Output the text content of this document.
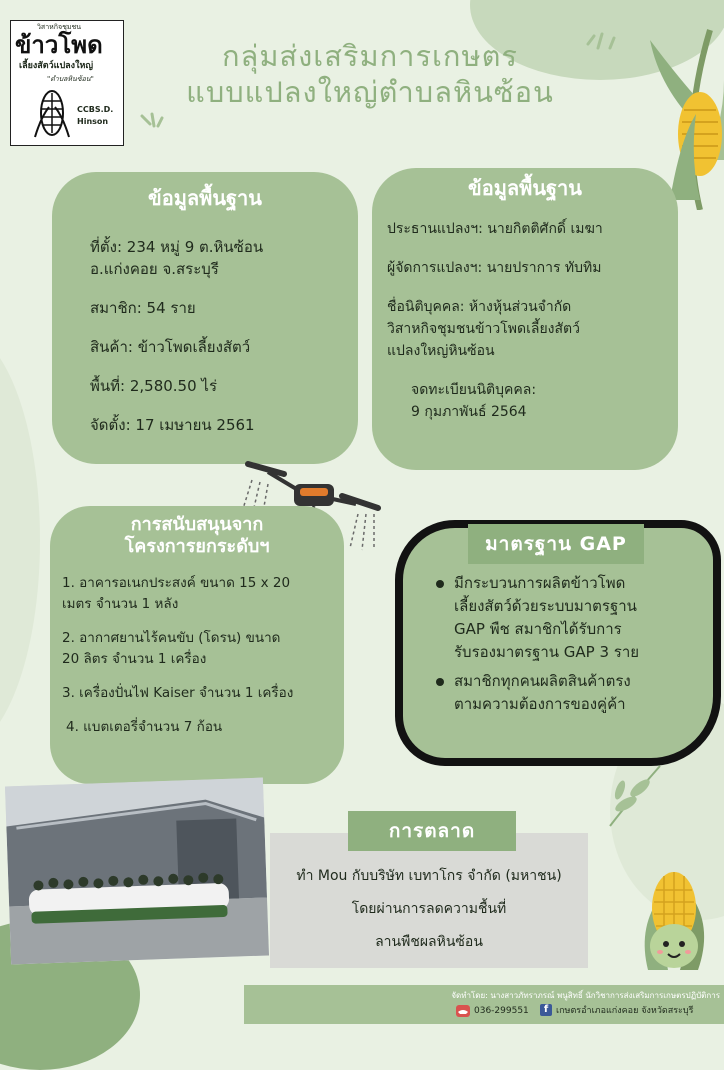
วิสาหกิจชุมชน
ข้าวโพด
เลี้ยงสัตว์แปลงใหญ่
"ตำบลหินซ้อน"
CCBS.D.
Hinson
กลุ่มส่งเสริมการเกษตร
แบบแปลงใหญ่ตำบลหินซ้อน
ข้อมูลพื้นฐาน
ที่ตั้ง: 234 หมู่ 9 ต.หินซ้อน
อ.แก่งคอย จ.สระบุรี
สมาชิก: 54 ราย
สินค้า: ข้าวโพดเลี้ยงสัตว์
พื้นที่: 2,580.50 ไร่
จัดตั้ง: 17 เมษายน 2561
ข้อมูลพื้นฐาน
ประธานแปลงฯ: นายกิตติศักดิ์ เมฆา
ผู้จัดการแปลงฯ: นายปราการ ทับทิม
ชื่อนิติบุคคล: ห้างหุ้นส่วนจำกัด
วิสาหกิจชุมชนข้าวโพดเลี้ยงสัตว์
แปลงใหญ่หินซ้อน
จดทะเบียนนิติบุคคล:
9 กุมภาพันธ์ 2564
การสนับสนุนจาก
โครงการยกระดับฯ
1. อาคารอเนกประสงค์ ขนาด 15 x 20
เมตร จำนวน 1 หลัง
2. อากาศยานไร้คนขับ (โดรน) ขนาด
20 ลิตร จำนวน 1 เครื่อง
3. เครื่องปั่นไฟ Kaiser จำนวน 1 เครื่อง
4. แบตเตอรี่จำนวน 7 ก้อน
มาตรฐาน GAP
มีกระบวนการผลิตข้าวโพด
เลี้ยงสัตว์ด้วยระบบมาตรฐาน
GAP พืช สมาชิกได้รับการ
รับรองมาตรฐาน GAP 3 ราย
สมาชิกทุกคนผลิตสินค้าตรง
ตามความต้องการของคู่ค้า
การตลาด
ทำ Mou กับบริษัท เบทาโกร จำกัด (มหาชน)
โดยผ่านการลดความชื้นที่
ลานพืชผลหินซ้อน
จัดทำโดย: นางสาวภัทราภรณ์ พนูสิทธิ์ นักวิชาการส่งเสริมการเกษตรปฏิบัติการ
036-299551	f เกษตรอำเภอแก่งคอย จังหวัดสระบุรี
